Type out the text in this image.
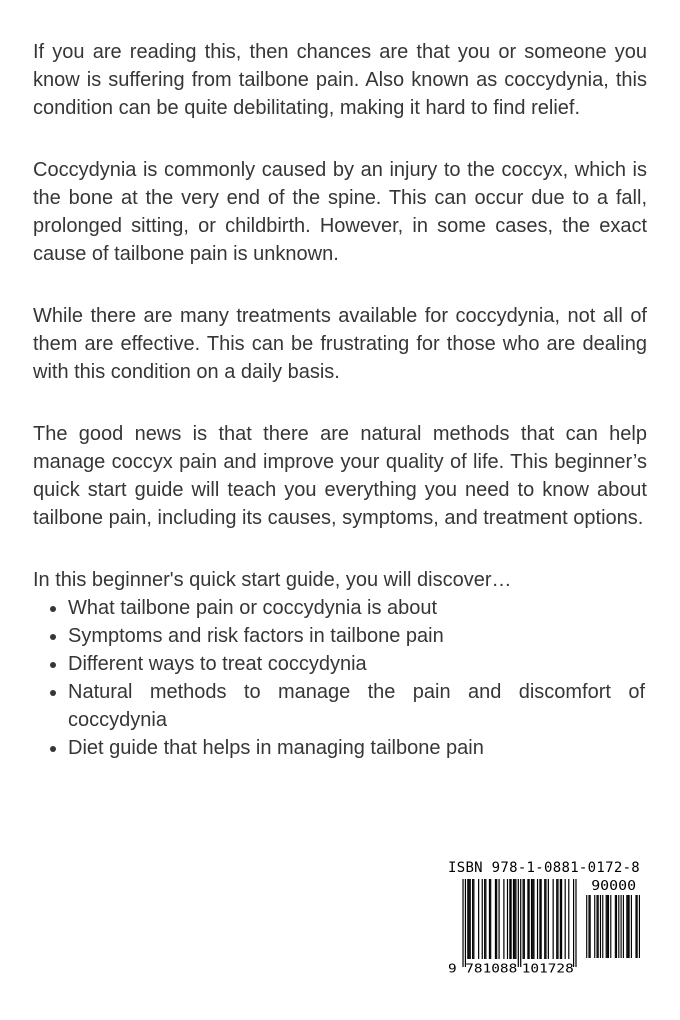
If you are reading this, then chances are that you or someone you know is suffering from tailbone pain. Also known as coccydynia, this condition can be quite debilitating, making it hard to find relief.

Coccydynia is commonly caused by an injury to the coccyx, which is the bone at the very end of the spine. This can occur due to a fall, prolonged sitting, or childbirth. However, in some cases, the exact cause of tailbone pain is unknown.

While there are many treatments available for coccydynia, not all of them are effective. This can be frustrating for those who are dealing with this condition on a daily basis.

The good news is that there are natural methods that can help manage coccyx pain and improve your quality of life. This beginner’s quick start guide will teach you everything you need to know about tailbone pain, including its causes, symptoms, and treatment options.

In this beginner's quick start guide, you will discover…

• What tailbone pain or coccydynia is about
• Symptoms and risk factors in tailbone pain
• Different ways to treat coccydynia
• Natural methods to manage the pain and discomfort of coccydynia
• Diet guide that helps in managing tailbone pain
ISBN 978-1-0881-0172-8
9 781088 101728
90000
